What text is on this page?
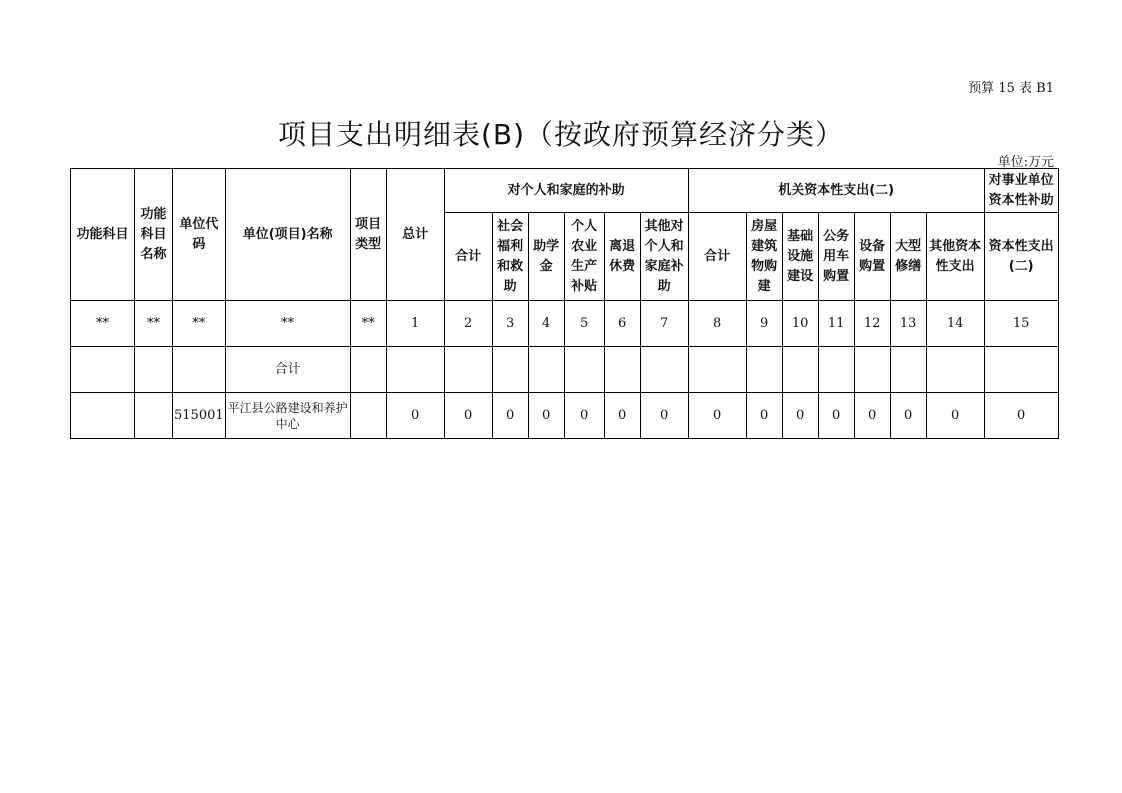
预算 15 表 B1
项目支出明细表(B)（按政府预算经济分类）
单位:万元
功能科目	功能科目名称	单位代码	单位(项目)名称	项目类型	总计	对个人和家庭的补助						机关资本性支出(二)							对事业单位资本性补助
						合计	社会福利和救助	助学金	个人农业生产补贴	离退休费	其他对个人和家庭补助	合计	房屋建筑物购建	基础设施建设	公务用车购置	设备购置	大型修缮	其他资本性支出	资本性支出(二)
**	**	**	**	**	1	2	3	4	5	6	7	8	9	10	11	12	13	14	15
			合计																
		515001	平江县公路建设和养护中心		0	0	0	0	0	0	0	0	0	0	0	0	0	0	0
